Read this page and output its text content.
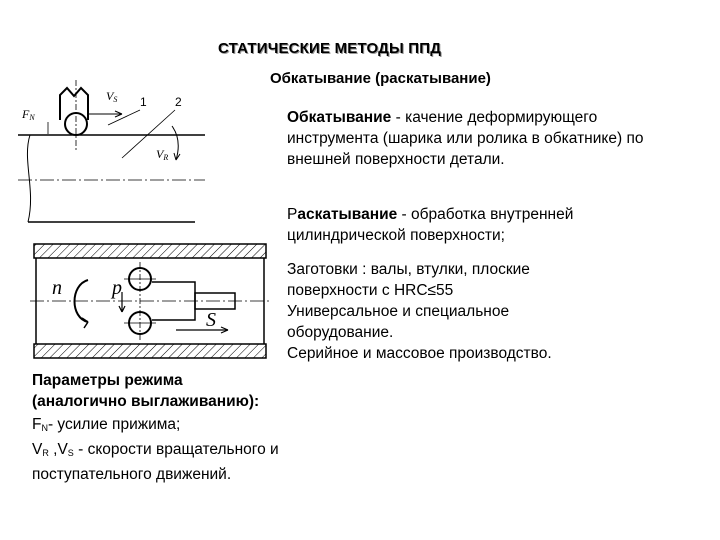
СТАТИЧЕСКИЕ МЕТОДЫ ППД
Обкатывание (раскатывание)
Обкатывание - качение деформирующего инструмента (шарика или ролика в обкатнике) по внешней поверхности детали.
Раскатывание - обработка внутренней цилиндрической поверхности;
Заготовки : валы, втулки, плоские
поверхности с HRC≤55
Универсальное и специальное
оборудование.
Серийное и массовое производство.
Параметры режима
(аналогично выглаживанию):
$F_N-$ усилие прижима;
$V_R$ $,V_S$ - скорости вращательного и
поступательного движений.
FN
VS
VR
1 2
n	p
S
